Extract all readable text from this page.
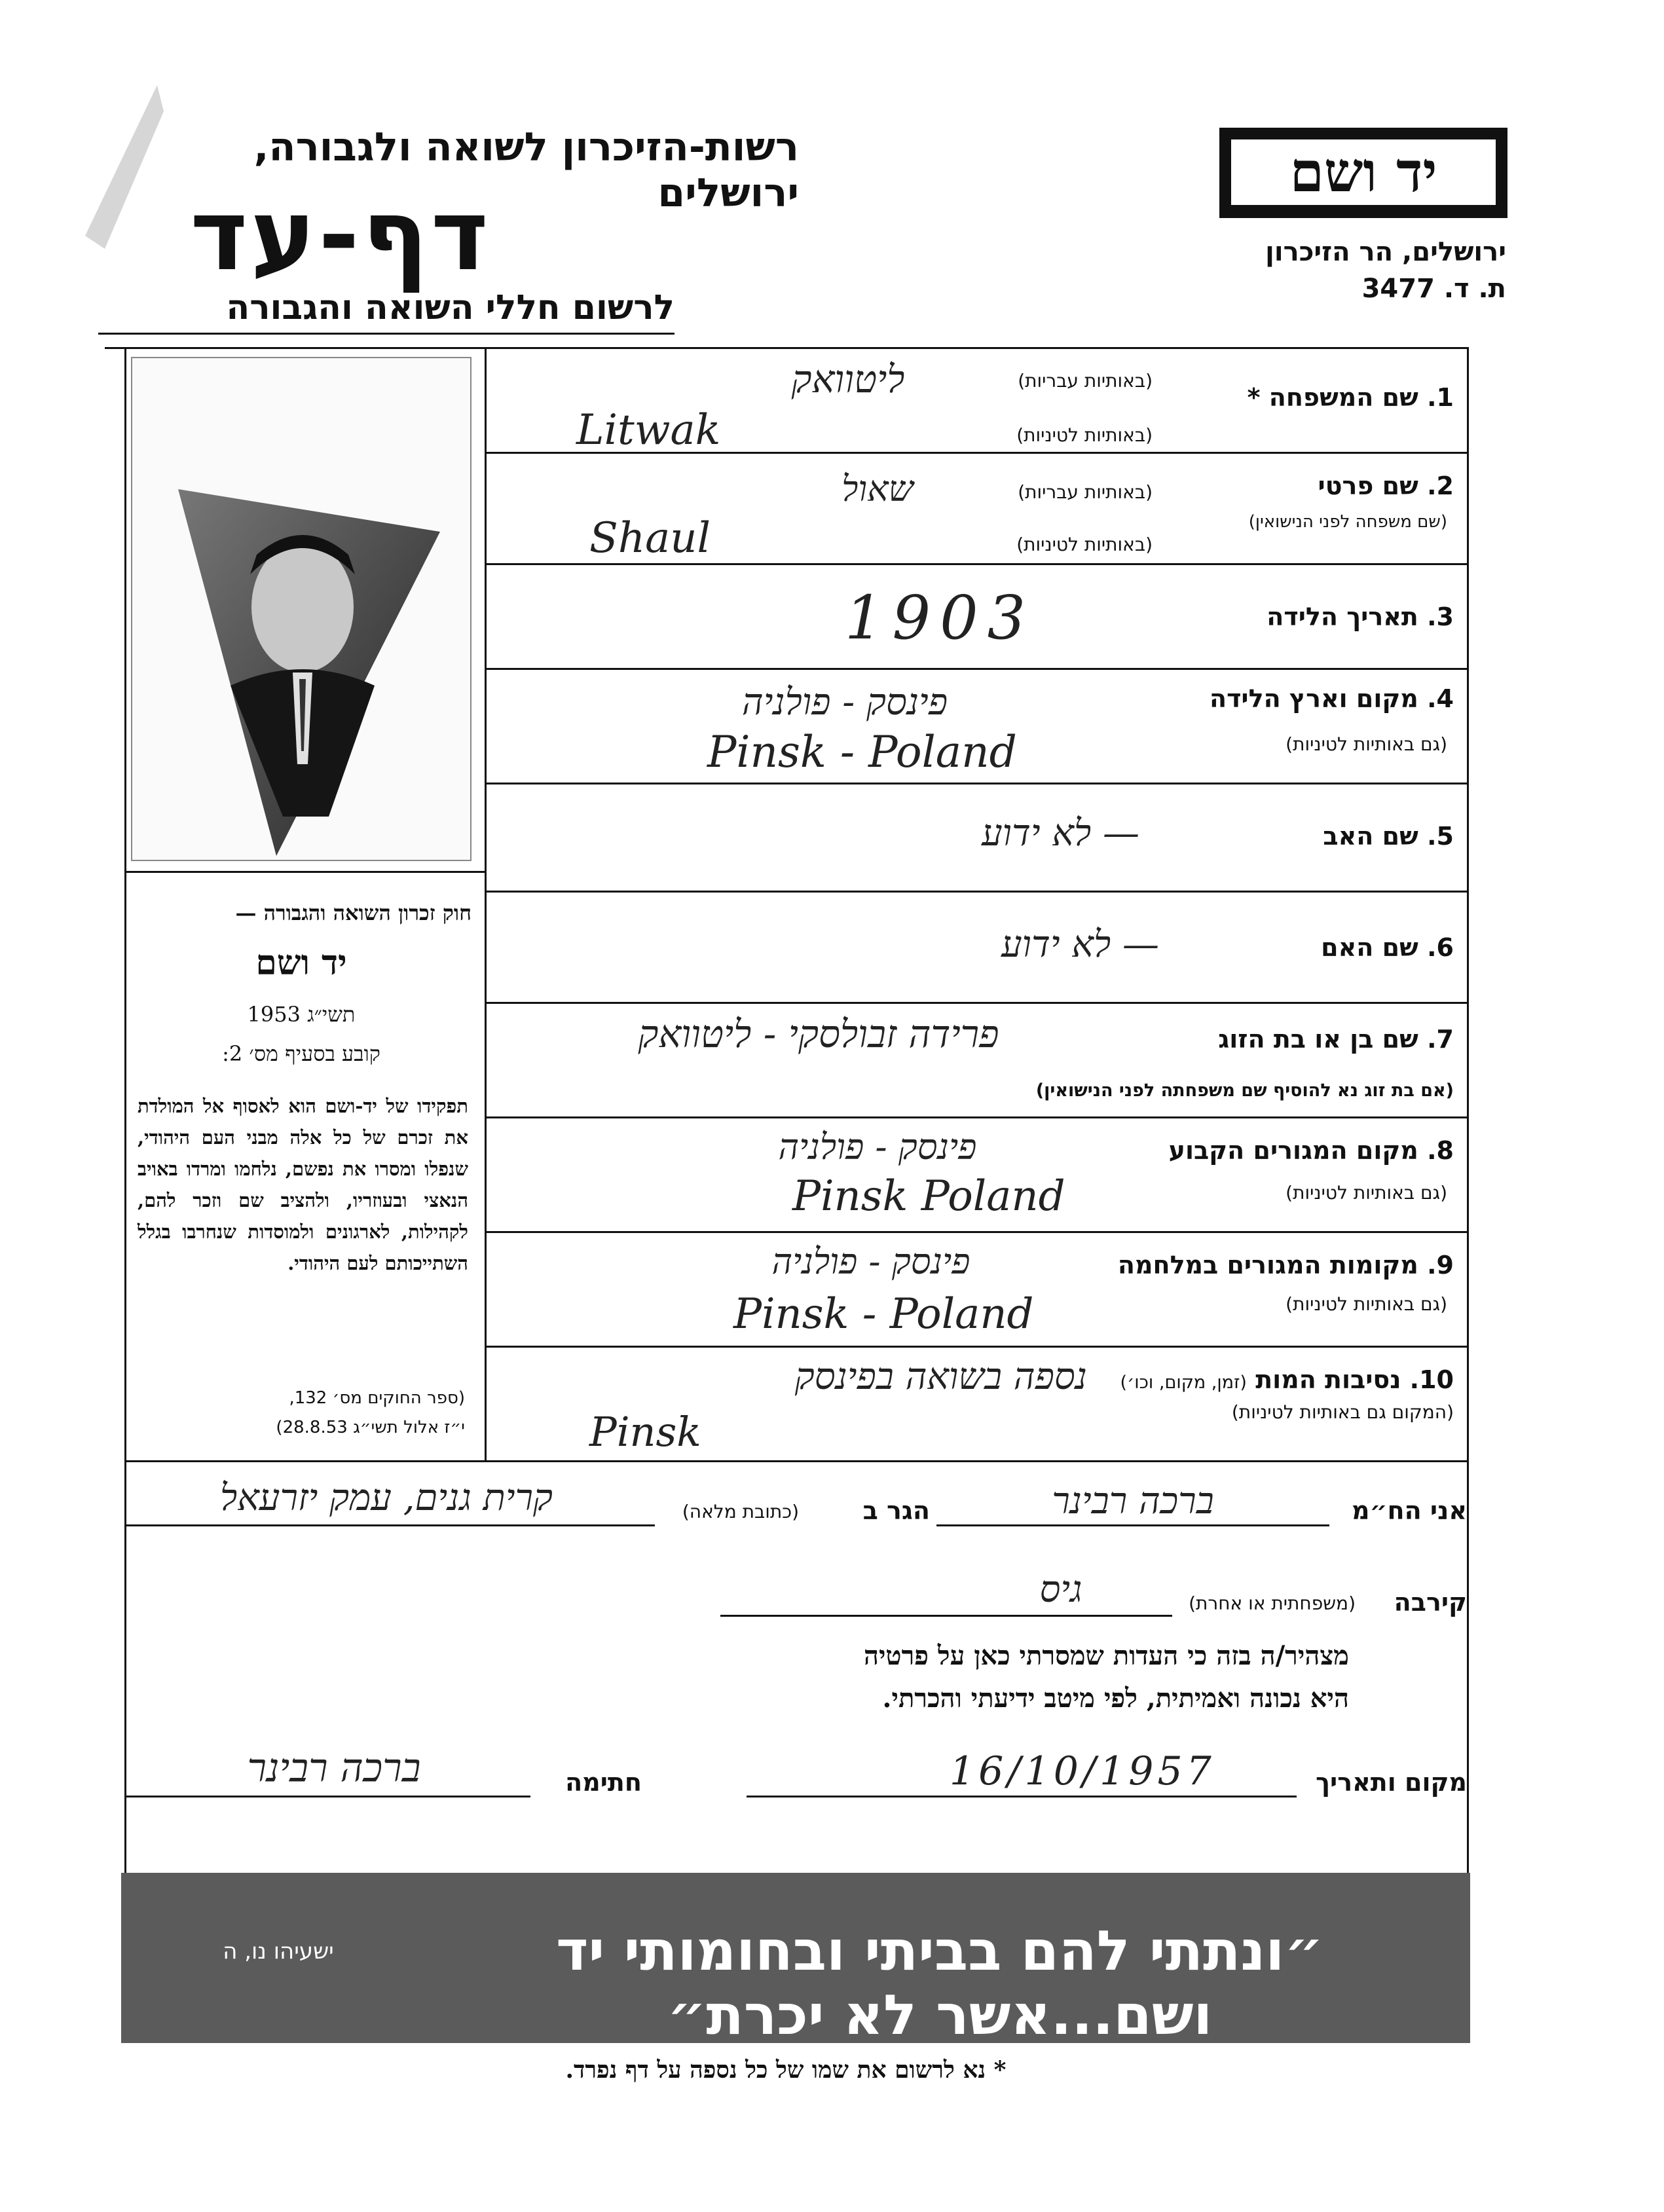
רשות-הזיכרון לשואה ולגבורה, ירושלים
דף-עד
לרשום חללי השואה והגבורה
יד ושם
ירושלים, הר הזיכרון
ת. ד. 3477
חוק זכרון השואה והגבורה —
יד ושם
תשי״ג 1953
קובע בסעיף מס׳ 2:
תפקידו של יד-ושם הוא לאסוף אל המולדת את זכרם של כל אלה מבני העם היהודי, שנפלו ומסרו את נפשם, נלחמו ומרדו באויב הנאצי ובעוזריו, ולהציב שם וזכר להם, לקהילות, לארגונים ולמוסדות שנחרבו בגלל השתייכותם לעם היהודי.
(ספר החוקים מס׳ 132,
י״ז אלול תשי״ג 28.8.53)
1. שם המשפחה *
(באותיות עבריות)
ליטוואק
(באותיות לטיניות)
Litwak
2. שם פרטי
(שם משפחה לפני הנישואין)
(באותיות עבריות)
שאול
(באותיות לטיניות)
Shaul
3. תאריך הלידה
1903
4. מקום וארץ הלידה
(גם באותיות לטיניות)
פינסק - פולניה
Pinsk - Poland
5. שם האב
— לא ידוע
6. שם האם
— לא ידוע
7. שם בן או בת הזוג
(אם בת זוג נא להוסיף שם משפחתה לפני הנישואין)
פרידה זבולסקי - ליטוואק
8. מקום המגורים הקבוע
(גם באותיות לטיניות)
פינסק - פולניה
Pinsk Poland
9. מקומות המגורים במלחמה
(גם באותיות לטיניות)
פינסק - פולניה
Pinsk - Poland
10. נסיבות המות (זמן, מקום, וכו׳)
(המקום גם באותיות לטיניות)
נספה בשואה בפינסק
Pinsk
אני הח״מ
ברכה רבינר
הגר ב
(כתובת מלאה)
קרית גנים, עמק יזרעאל
קירבה
(משפחתית או אחרת)
גיס
מצהיר/ה בזה כי העדות שמסרתי כאן על פרטיה
היא נכונה ואמיתית, לפי מיטב ידיעתי והכרתי.
מקום ותאריך
16/10/1957
חתימה
ברכה רבינר
״ונתתי להם בביתי ובחומותי יד ושם...אשר לא יכרת״
ישעיהו נו, ה
* נא לרשום את שמו של כל נספה על דף נפרד.
